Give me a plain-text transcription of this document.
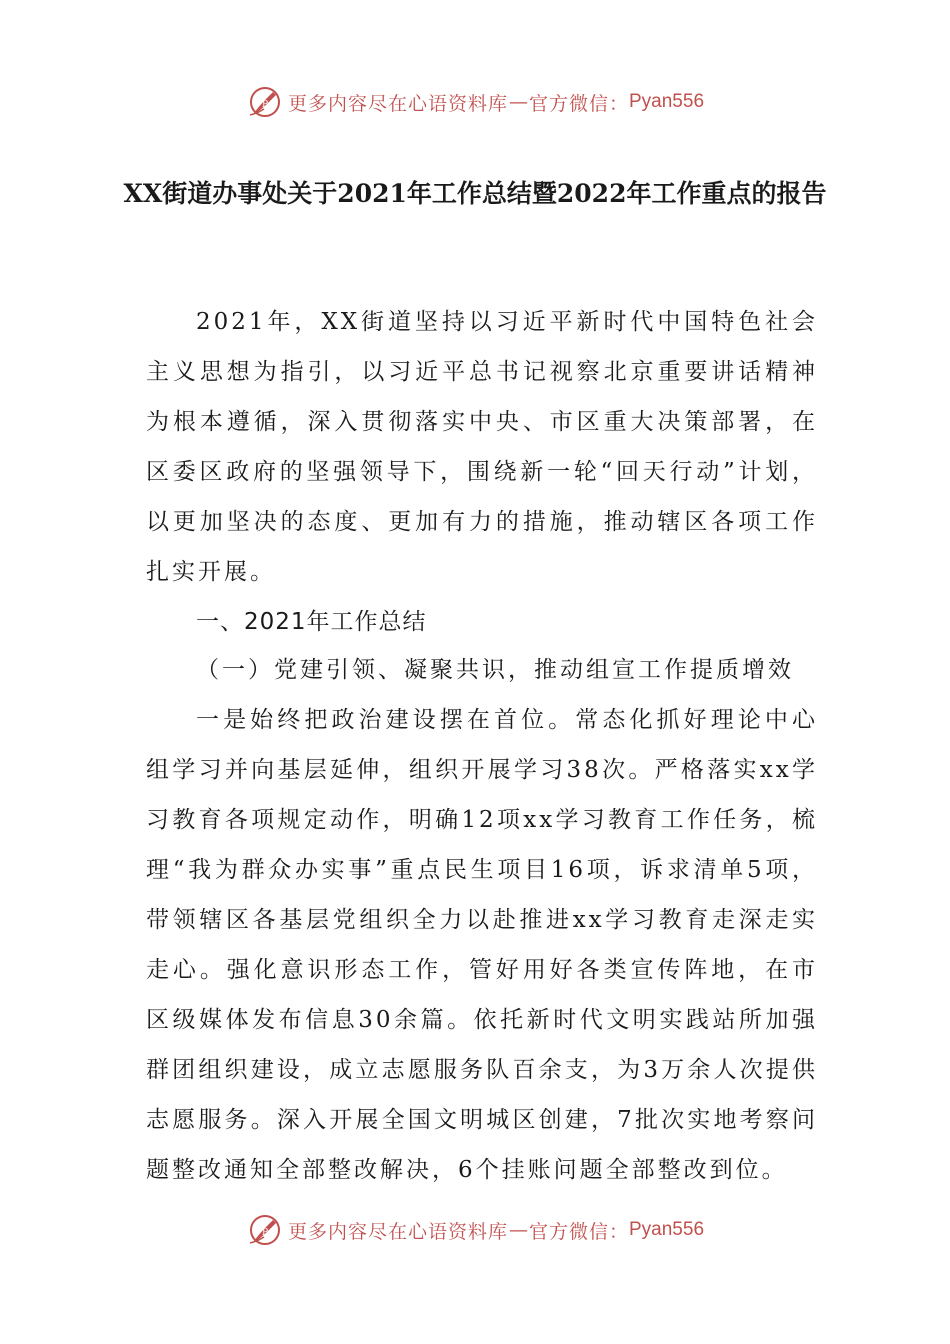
P 更多内容尽在心语资料库 — 官方微信： Pyan556
XX街道办事处关于2021年工作总结暨2022年工作重点的报告
2021年，XX街道坚持以习近平新时代中国特色社会主义思想为指引，以习近平总书记视察北京重要讲话精神为根本遵循，深入贯彻落实中央、市区重大决策部署，在区委区政府的坚强领导下，围绕新一轮“回天行动”计划，以更加坚决的态度、更加有力的措施，推动辖区各项工作扎实开展。
一、2021年工作总结
（一）党建引领、凝聚共识，推动组宣工作提质增效
一是始终把政治建设摆在首位。常态化抓好理论中心组学习并向基层延伸，组织开展学习38次。严格落实xx学习教育各项规定动作，明确12项xx学习教育工作任务，梳理“我为群众办实事”重点民生项目16项，诉求清单5项，带领辖区各基层党组织全力以赴推进xx学习教育走深走实走心。强化意识形态工作，管好用好各类宣传阵地，在市区级媒体发布信息30余篇。依托新时代文明实践站所加强群团组织建设，成立志愿服务队百余支，为3万余人次提供志愿服务。深入开展全国文明城区创建，7批次实地考察问题整改通知全部整改解决，6个挂账问题全部整改到位。
P 更多内容尽在心语资料库 — 官方微信： Pyan556
